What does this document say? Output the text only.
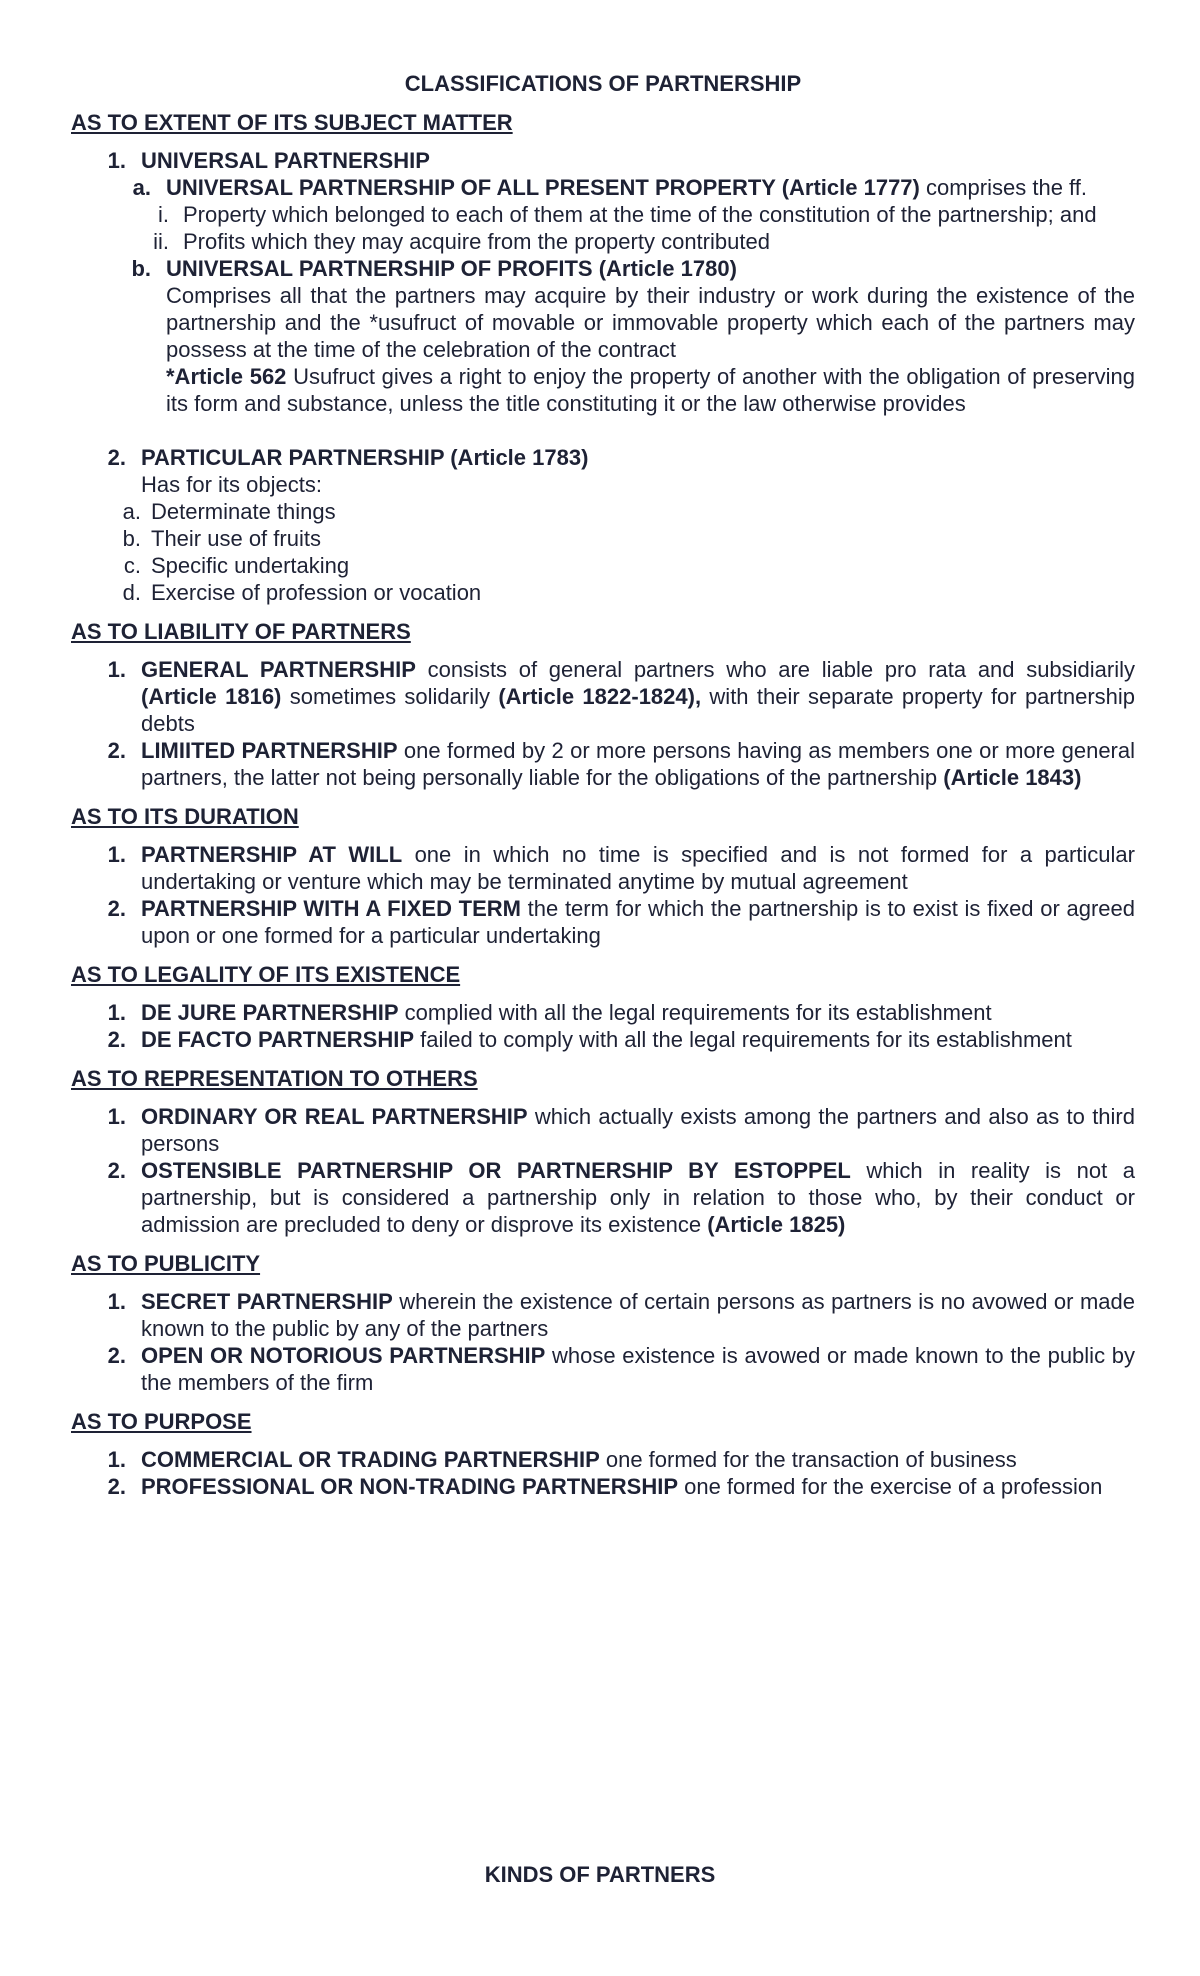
CLASSIFICATIONS OF PARTNERSHIP
AS TO EXTENT OF ITS SUBJECT MATTER
1. UNIVERSAL PARTNERSHIP
a. UNIVERSAL PARTNERSHIP OF ALL PRESENT PROPERTY (Article 1777) comprises the ff.
i. Property which belonged to each of them at the time of the constitution of the partnership; and
ii. Profits which they may acquire from the property contributed
b. UNIVERSAL PARTNERSHIP OF PROFITS (Article 1780)
Comprises all that the partners may acquire by their industry or work during the existence of the partnership and the *usufruct of movable or immovable property which each of the partners may possess at the time of the celebration of the contract
*Article 562 Usufruct gives a right to enjoy the property of another with the obligation of preserving its form and substance, unless the title constituting it or the law otherwise provides
2. PARTICULAR PARTNERSHIP (Article 1783)
Has for its objects:
a. Determinate things
b. Their use of fruits
c. Specific undertaking
d. Exercise of profession or vocation
AS TO LIABILITY OF PARTNERS
1. GENERAL PARTNERSHIP consists of general partners who are liable pro rata and subsidiarily (Article 1816) sometimes solidarily (Article 1822-1824), with their separate property for partnership debts
2. LIMIITED PARTNERSHIP one formed by 2 or more persons having as members one or more general partners, the latter not being personally liable for the obligations of the partnership (Article 1843)
AS TO ITS DURATION
1. PARTNERSHIP AT WILL one in which no time is specified and is not formed for a particular undertaking or venture which may be terminated anytime by mutual agreement
2. PARTNERSHIP WITH A FIXED TERM the term for which the partnership is to exist is fixed or agreed upon or one formed for a particular undertaking
AS TO LEGALITY OF ITS EXISTENCE
1. DE JURE PARTNERSHIP complied with all the legal requirements for its establishment
2. DE FACTO PARTNERSHIP failed to comply with all the legal requirements for its establishment
AS TO REPRESENTATION TO OTHERS
1. ORDINARY OR REAL PARTNERSHIP which actually exists among the partners and also as to third persons
2. OSTENSIBLE PARTNERSHIP OR PARTNERSHIP BY ESTOPPEL which in reality is not a partnership, but is considered a partnership only in relation to those who, by their conduct or admission are precluded to deny or disprove its existence (Article 1825)
AS TO PUBLICITY
1. SECRET PARTNERSHIP wherein the existence of certain persons as partners is no avowed or made known to the public by any of the partners
2. OPEN OR NOTORIOUS PARTNERSHIP whose existence is avowed or made known to the public by the members of the firm
AS TO PURPOSE
1. COMMERCIAL OR TRADING PARTNERSHIP one formed for the transaction of business
2. PROFESSIONAL OR NON-TRADING PARTNERSHIP one formed for the exercise of a profession
KINDS OF PARTNERS
